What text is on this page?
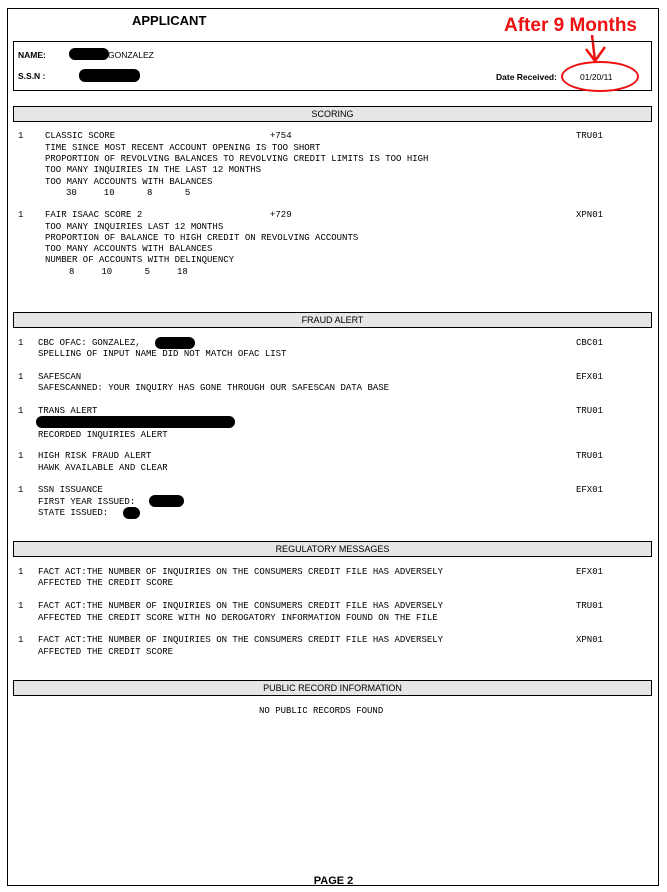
APPLICANT	After 9 Months
NAME:	GONZALEZ
S.S.N :	Date Received:	01/20/11
SCORING
1 CLASSIC SCORE	+754	TRU01
TIME SINCE MOST RECENT ACCOUNT OPENING IS TOO SHORT
PROPORTION OF REVOLVING BALANCES TO REVOLVING CREDIT LIMITS IS TOO HIGH
TOO MANY INQUIRIES IN THE LAST 12 MONTHS
TOO MANY ACCOUNTS WITH BALANCES
30     10      8      5
1 FAIR ISAAC SCORE 2	+729	XPN01
TOO MANY INQUIRIES LAST 12 MONTHS
PROPORTION OF BALANCE TO HIGH CREDIT ON REVOLVING ACCOUNTS
TOO MANY ACCOUNTS WITH BALANCES
NUMBER OF ACCOUNTS WITH DELINQUENCY
8     10      5     18
FRAUD ALERT
1 CBC OFAC: GONZALEZ,	CBC01
SPELLING OF INPUT NAME DID NOT MATCH OFAC LIST
1 SAFESCAN	EFX01
SAFESCANNED: YOUR INQUIRY HAS GONE THROUGH OUR SAFESCAN DATA BASE
1 TRANS ALERT	TRU01
RECORDED INQUIRIES ALERT
1 HIGH RISK FRAUD ALERT	TRU01
HAWK AVAILABLE AND CLEAR
1 SSN ISSUANCE	EFX01
FIRST YEAR ISSUED:
STATE ISSUED:
REGULATORY MESSAGES
1 FACT ACT:THE NUMBER OF INQUIRIES ON THE CONSUMERS CREDIT FILE HAS ADVERSELY	EFX01
AFFECTED THE CREDIT SCORE
1 FACT ACT:THE NUMBER OF INQUIRIES ON THE CONSUMERS CREDIT FILE HAS ADVERSELY	TRU01
AFFECTED THE CREDIT SCORE WITH NO DEROGATORY INFORMATION FOUND ON THE FILE
1 FACT ACT:THE NUMBER OF INQUIRIES ON THE CONSUMERS CREDIT FILE HAS ADVERSELY	XPN01
AFFECTED THE CREDIT SCORE
PUBLIC RECORD INFORMATION
NO PUBLIC RECORDS FOUND
PAGE 2
